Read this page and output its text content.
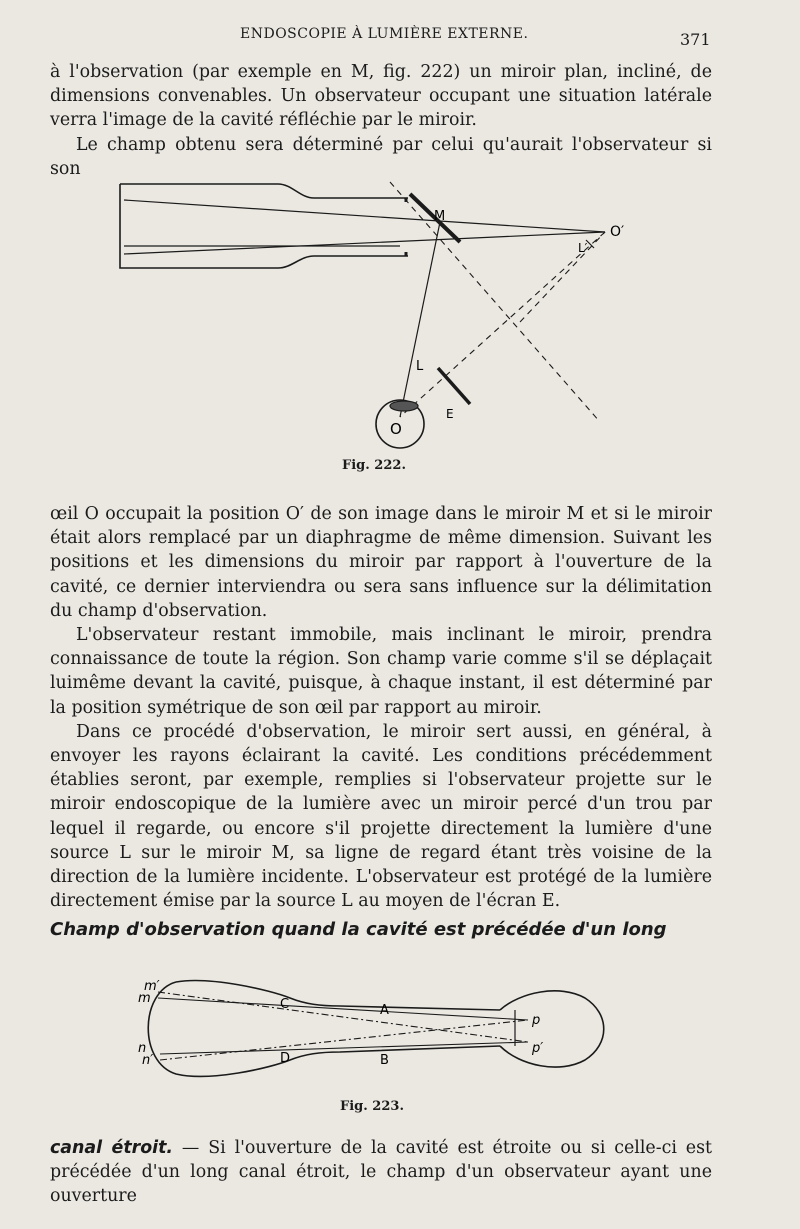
ENDOSCOPIE À LUMIÈRE EXTERNE.	371

à l'observation (par exemple en M, fig. 222) un miroir plan, incliné, de dimensions convenables. Un observateur occupant une situation latérale verra l'image de la cavité réfléchie par le miroir.

Le champ obtenu sera déterminé par celui qu'aurait l'observateur si son

M
O′
L′
L
E
O
Fig. 222.

œil O occupait la position O′ de son image dans le miroir M et si le miroir était alors remplacé par un diaphragme de même dimension. Suivant les positions et les dimensions du miroir par rapport à l'ouverture de la cavité, ce dernier interviendra ou sera sans influence sur la délimitation du champ d'observation.

L'observateur restant immobile, mais inclinant le miroir, prendra connaissance de toute la région. Son champ varie comme s'il se déplaçait luimême devant la cavité, puisque, à chaque instant, il est déterminé par la position symétrique de son œil par rapport au miroir.

Dans ce procédé d'observation, le miroir sert aussi, en général, à envoyer les rayons éclairant la cavité. Les conditions précédemment établies seront, par exemple, remplies si l'observateur projette sur le miroir endoscopique de la lumière avec un miroir percé d'un trou par lequel il regarde, ou encore s'il projette directement la lumière d'une source L sur le miroir M, sa ligne de regard étant très voisine de la direction de la lumière incidente. L'observateur est protégé de la lumière directement émise par la source L au moyen de l'écran E.

Champ d'observation quand la cavité est précédée d'un long
m′
m	C	A
n
n′	D	B
p
p′
Fig. 223.

canal étroit. — Si l'ouverture de la cavité est étroite ou si celle-ci est précédée d'un long canal étroit, le champ d'un observateur ayant une ouverture
